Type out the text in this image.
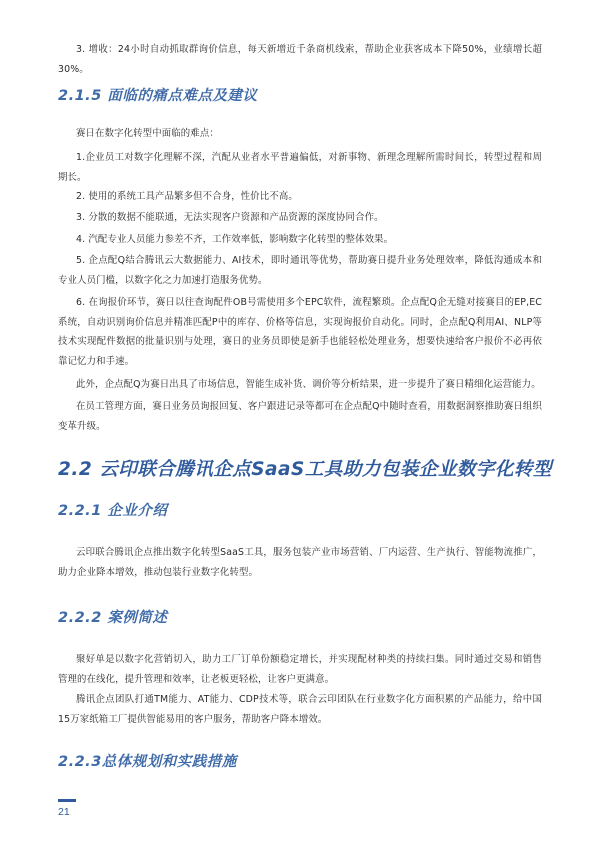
3. 增收：24小时自动抓取群询价信息，每天新增近千条商机线索，帮助企业获客成本下降50%，业绩增长超30%。

2.1.5 面临的痛点难点及建议

赛日在数字化转型中面临的难点：

1.企业员工对数字化理解不深，汽配从业者水平普遍偏低，对新事物、新理念理解所需时间长，转型过程和周期长。

2. 使用的系统工具产品繁多但不合身，性价比不高。

3. 分散的数据不能联通，无法实现客户资源和产品资源的深度协同合作。

4. 汽配专业人员能力参差不齐，工作效率低，影响数字化转型的整体效果。

5. 企点配Q结合腾讯云大数据能力、AI技术，即时通讯等优势，帮助赛日提升业务处理效率，降低沟通成本和专业人员门槛，以数字化之力加速打造服务优势。

6. 在询报价环节，赛日以往查询配件OB号需使用多个EPC软件，流程繁琐。企点配Q企无缝对接赛目的EP,EC系统，自动识别询价信息并精准匹配P中的库存、价格等信息，实现询报价自动化。同时，企点配Q利用AI、NLP等技术实现配件数据的批量识别与处理，赛日的业务员即使是新手也能轻松处理业务，想要快速给客户报价不必再依靠记忆力和手速。

此外，企点配Q为赛日出具了市场信息，智能生成补货、调价等分析结果，进一步提升了赛日精细化运营能力。

在员工管理方面，赛日业务员询报回复、客户跟进记录等都可在企点配Q中随时查看，用数据洞察推助赛日组织变革升级。

2.2 云印联合腾讯企点SaaS工具助力包装企业数字化转型
2.2.1 企业介绍

云印联合腾讯企点推出数字化转型SaaS工具，服务包装产业市场营销、厂内运营、生产执行、智能物流推广，助力企业降本增效，推动包装行业数字化转型。

2.2.2 案例简述

聚好单是以数字化营销切入，助力工厂订单份额稳定增长，并实现配材种类的持续扫集。同时通过交易和销售管理的在线化，提升管理和效率，让老板更轻松，让客户更满意。

腾讯企点团队打通TM能力、AT能力、CDP技术等，联合云印团队在行业数字化方面积累的产品能力，给中国15万家纸箱工厂提供智能易用的客户服务，帮助客户降本增效。

2.2.3总体规划和实践措施
21
